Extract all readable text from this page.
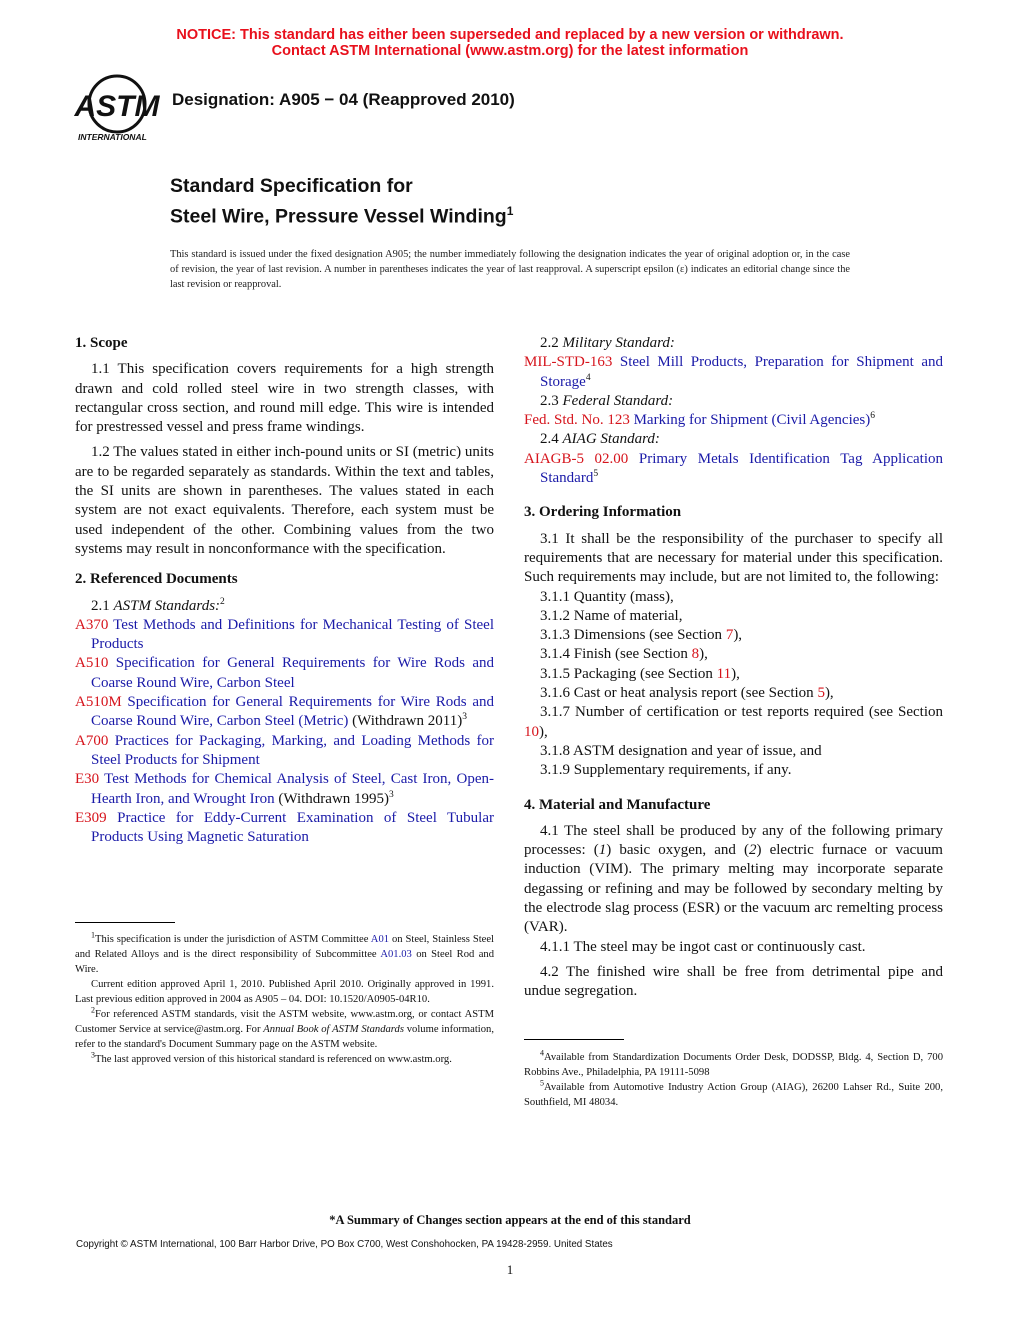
NOTICE: This standard has either been superseded and replaced by a new version or withdrawn.
Contact ASTM International (www.astm.org) for the latest information
ASTM
INTERNATIONAL
Designation: A905 − 04 (Reapproved 2010)
Standard Specification for
Steel Wire, Pressure Vessel Winding$^1$
This standard is issued under the fixed designation A905; the number immediately following the designation indicates the year of original adoption or, in the case of revision, the year of last revision. A number in parentheses indicates the year of last reapproval. A superscript epsilon (ε) indicates an editorial change since the last revision or reapproval.

1. Scope

1.1 This specification covers requirements for a high strength drawn and cold rolled steel wire in two strength classes, with rectangular cross section, and round mill edge. This wire is intended for prestressed vessel and press frame windings.

1.2 The values stated in either inch-pound units or SI (metric) units are to be regarded separately as standards. Within the text and tables, the SI units are shown in parentheses. The values stated in each system are not exact equivalents. Therefore, each system must be used independent of the other. Combining values from the two systems may result in nonconformance with the specification.

2. Referenced Documents

2.1 ASTM Standards:$^2$

A370 Test Methods and Definitions for Mechanical Testing of Steel Products

A510 Specification for General Requirements for Wire Rods and Coarse Round Wire, Carbon Steel

A510M Specification for General Requirements for Wire Rods and Coarse Round Wire, Carbon Steel (Metric) (Withdrawn 2011)$^3$

A700 Practices for Packaging, Marking, and Loading Methods for Steel Products for Shipment

E30 Test Methods for Chemical Analysis of Steel, Cast Iron, Open-Hearth Iron, and Wrought Iron (Withdrawn 1995)$^3$

E309 Practice for Eddy-Current Examination of Steel Tubular Products Using Magnetic Saturation

$^1$This specification is under the jurisdiction of ASTM Committee A01 on Steel, Stainless Steel and Related Alloys and is the direct responsibility of Subcommittee A01.03 on Steel Rod and Wire.

Current edition approved April 1, 2010. Published April 2010. Originally approved in 1991. Last previous edition approved in 2004 as A905 – 04. DOI: 10.1520/A0905-04R10.

$^2$For referenced ASTM standards, visit the ASTM website, www.astm.org, or contact ASTM Customer Service at service@astm.org. For Annual Book of ASTM Standards volume information, refer to the standard's Document Summary page on the ASTM website.

$^3$The last approved version of this historical standard is referenced on www.astm.org.

2.2 Military Standard:

MIL-STD-163 Steel Mill Products, Preparation for Shipment and Storage$^4$

2.3 Federal Standard:

Fed. Std. No. 123 Marking for Shipment (Civil Agencies)$^6$

2.4 AIAG Standard:

AIAGB-5 02.00 Primary Metals Identification Tag Application Standard$^5$

3. Ordering Information

3.1 It shall be the responsibility of the purchaser to specify all requirements that are necessary for material under this specification. Such requirements may include, but are not limited to, the following:

3.1.1 Quantity (mass),

3.1.2 Name of material,

3.1.3 Dimensions (see Section 7),

3.1.4 Finish (see Section 8),

3.1.5 Packaging (see Section 11),

3.1.6 Cast or heat analysis report (see Section 5),

3.1.7 Number of certification or test reports required (see Section 10),

3.1.8 ASTM designation and year of issue, and

3.1.9 Supplementary requirements, if any.

4. Material and Manufacture

4.1 The steel shall be produced by any of the following primary processes: (1) basic oxygen, and (2) electric furnace or vacuum induction (VIM). The primary melting may incorporate separate degassing or refining and may be followed by secondary melting by the electrode slag process (ESR) or the vacuum arc remelting process (VAR).

4.1.1 The steel may be ingot cast or continuously cast.

4.2 The finished wire shall be free from detrimental pipe and undue segregation.

$^4$Available from Standardization Documents Order Desk, DODSSP, Bldg. 4, Section D, 700 Robbins Ave., Philadelphia, PA 19111-5098

$^5$Available from Automotive Industry Action Group (AIAG), 26200 Lahser Rd., Suite 200, Southfield, MI 48034.

*A Summary of Changes section appears at the end of this standard
Copyright © ASTM International, 100 Barr Harbor Drive, PO Box C700, West Conshohocken, PA 19428-2959. United States
1
